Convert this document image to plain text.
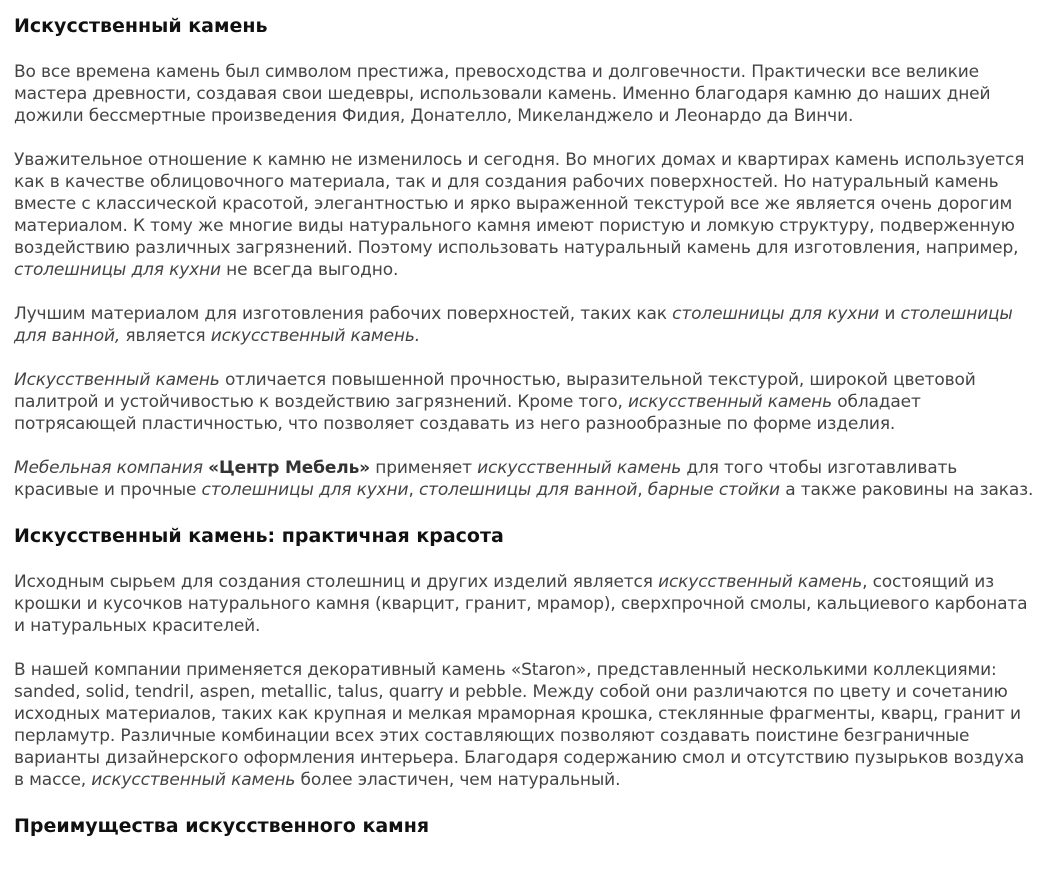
Искусственный камень

Во все времена камень был символом престижа, превосходства и долговечности. Практически все великие мастера древности, создавая свои шедевры, использовали камень. Именно благодаря камню до наших дней дожили бессмертные произведения Фидия, Донателло, Микеланджело и Леонардо да Винчи.

Уважительное отношение к камню не изменилось и сегодня. Во многих домах и квартирах камень используется как в качестве облицовочного материала, так и для создания рабочих поверхностей. Но натуральный камень вместе с классической красотой, элегантностью и ярко выраженной текстурой все же является очень дорогим материалом. К тому же многие виды натурального камня имеют пористую и ломкую структуру, подверженную воздействию различных загрязнений. Поэтому использовать натуральный камень для изготовления, например, столешницы для кухни не всегда выгодно.

Лучшим материалом для изготовления рабочих поверхностей, таких как столешницы для кухни и столешницы для ванной, является искусственный камень.

Искусственный камень отличается повышенной прочностью, выразительной текстурой, широкой цветовой палитрой и устойчивостью к воздействию загрязнений. Кроме того, искусственный камень обладает потрясающей пластичностью, что позволяет создавать из него разнообразные по форме изделия.

Мебельная компания «Центр Мебель» применяет искусственный камень для того чтобы изготавливать красивые и прочные столешницы для кухни, столешницы для ванной, барные стойки а также раковины на заказ.

Искусственный камень: практичная красота

Исходным сырьем для создания столешниц и других изделий является искусственный камень, состоящий из крошки и кусочков натурального камня (кварцит, гранит, мрамор), сверхпрочной смолы, кальциевого карбоната и натуральных красителей.

В нашей компании применяется декоративный камень «Staron», представленный несколькими коллекциями: sanded, solid, tendril, aspen, metallic, talus, quarry и pebble. Между собой они различаются по цвету и сочетанию исходных материалов, таких как крупная и мелкая мраморная крошка, стеклянные фрагменты, кварц, гранит и перламутр. Различные комбинации всех этих составляющих позволяют создавать поистине безграничные варианты дизайнерского оформления интерьера. Благодаря содержанию смол и отсутствию пузырьков воздуха в массе, искусственный камень более эластичен, чем натуральный.

Преимущества искусственного камня
